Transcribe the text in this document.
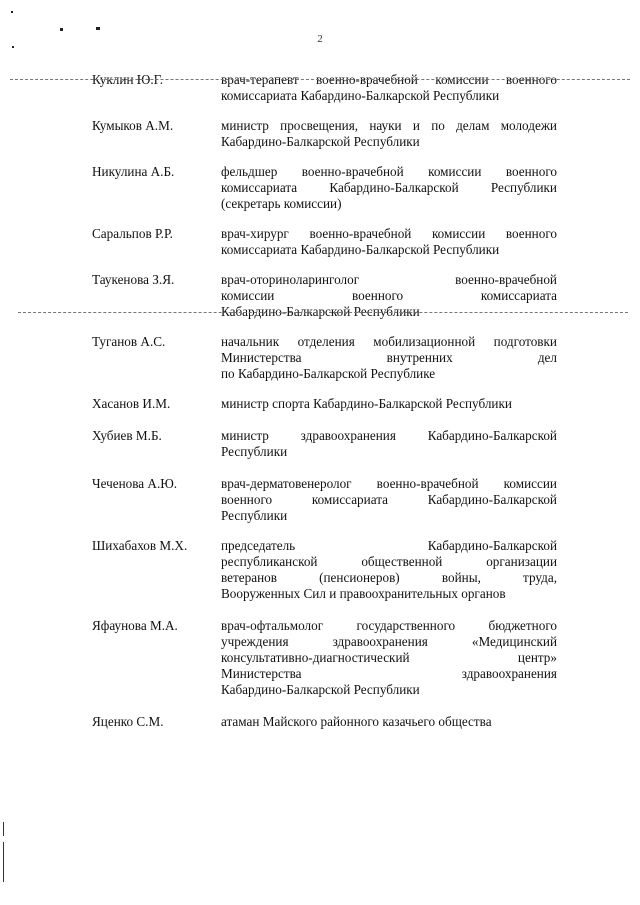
2
Куклин Ю.Г.	врач-терапевт военно-врачебной комиссии военного
комиссариата Кабардино-Балкарской Республики
Кумыков А.М.	министр просвещения, науки и по делам молодежи
Кабардино-Балкарской Республики
Никулина А.Б.	фельдшер военно-врачебной комиссии военного
комиссариата Кабардино-Балкарской Республики
(секретарь комиссии)
Саральпов Р.Р.	врач-хирург военно-врачебной комиссии военного
комиссариата Кабардино-Балкарской Республики
Таукенова З.Я.	врач-оториноларинголог военно-врачебной
комиссии военного комиссариата
Кабардино-Балкарской Республики
Туганов А.С.	начальник отделения мобилизационной подготовки
Министерства внутренних дел
по Кабардино-Балкарской Республике
Хасанов И.М.	министр спорта Кабардино-Балкарской Республики
Хубиев М.Б.	министр здравоохранения Кабардино-Балкарской
Республики
Чеченова А.Ю.	врач-дерматовенеролог военно-врачебной комиссии
военного комиссариата Кабардино-Балкарской
Республики
Шихабахов М.Х.	председатель Кабардино-Балкарской
республиканской общественной организации
ветеранов (пенсионеров) войны, труда,
Вооруженных Сил и правоохранительных органов
Яфаунова М.А.	врач-офтальмолог государственного бюджетного
учреждения здравоохранения «Медицинский
консультативно-диагностический центр»
Министерства здравоохранения
Кабардино-Балкарской Республики
Яценко С.М.	атаман Майского районного казачьего общества
